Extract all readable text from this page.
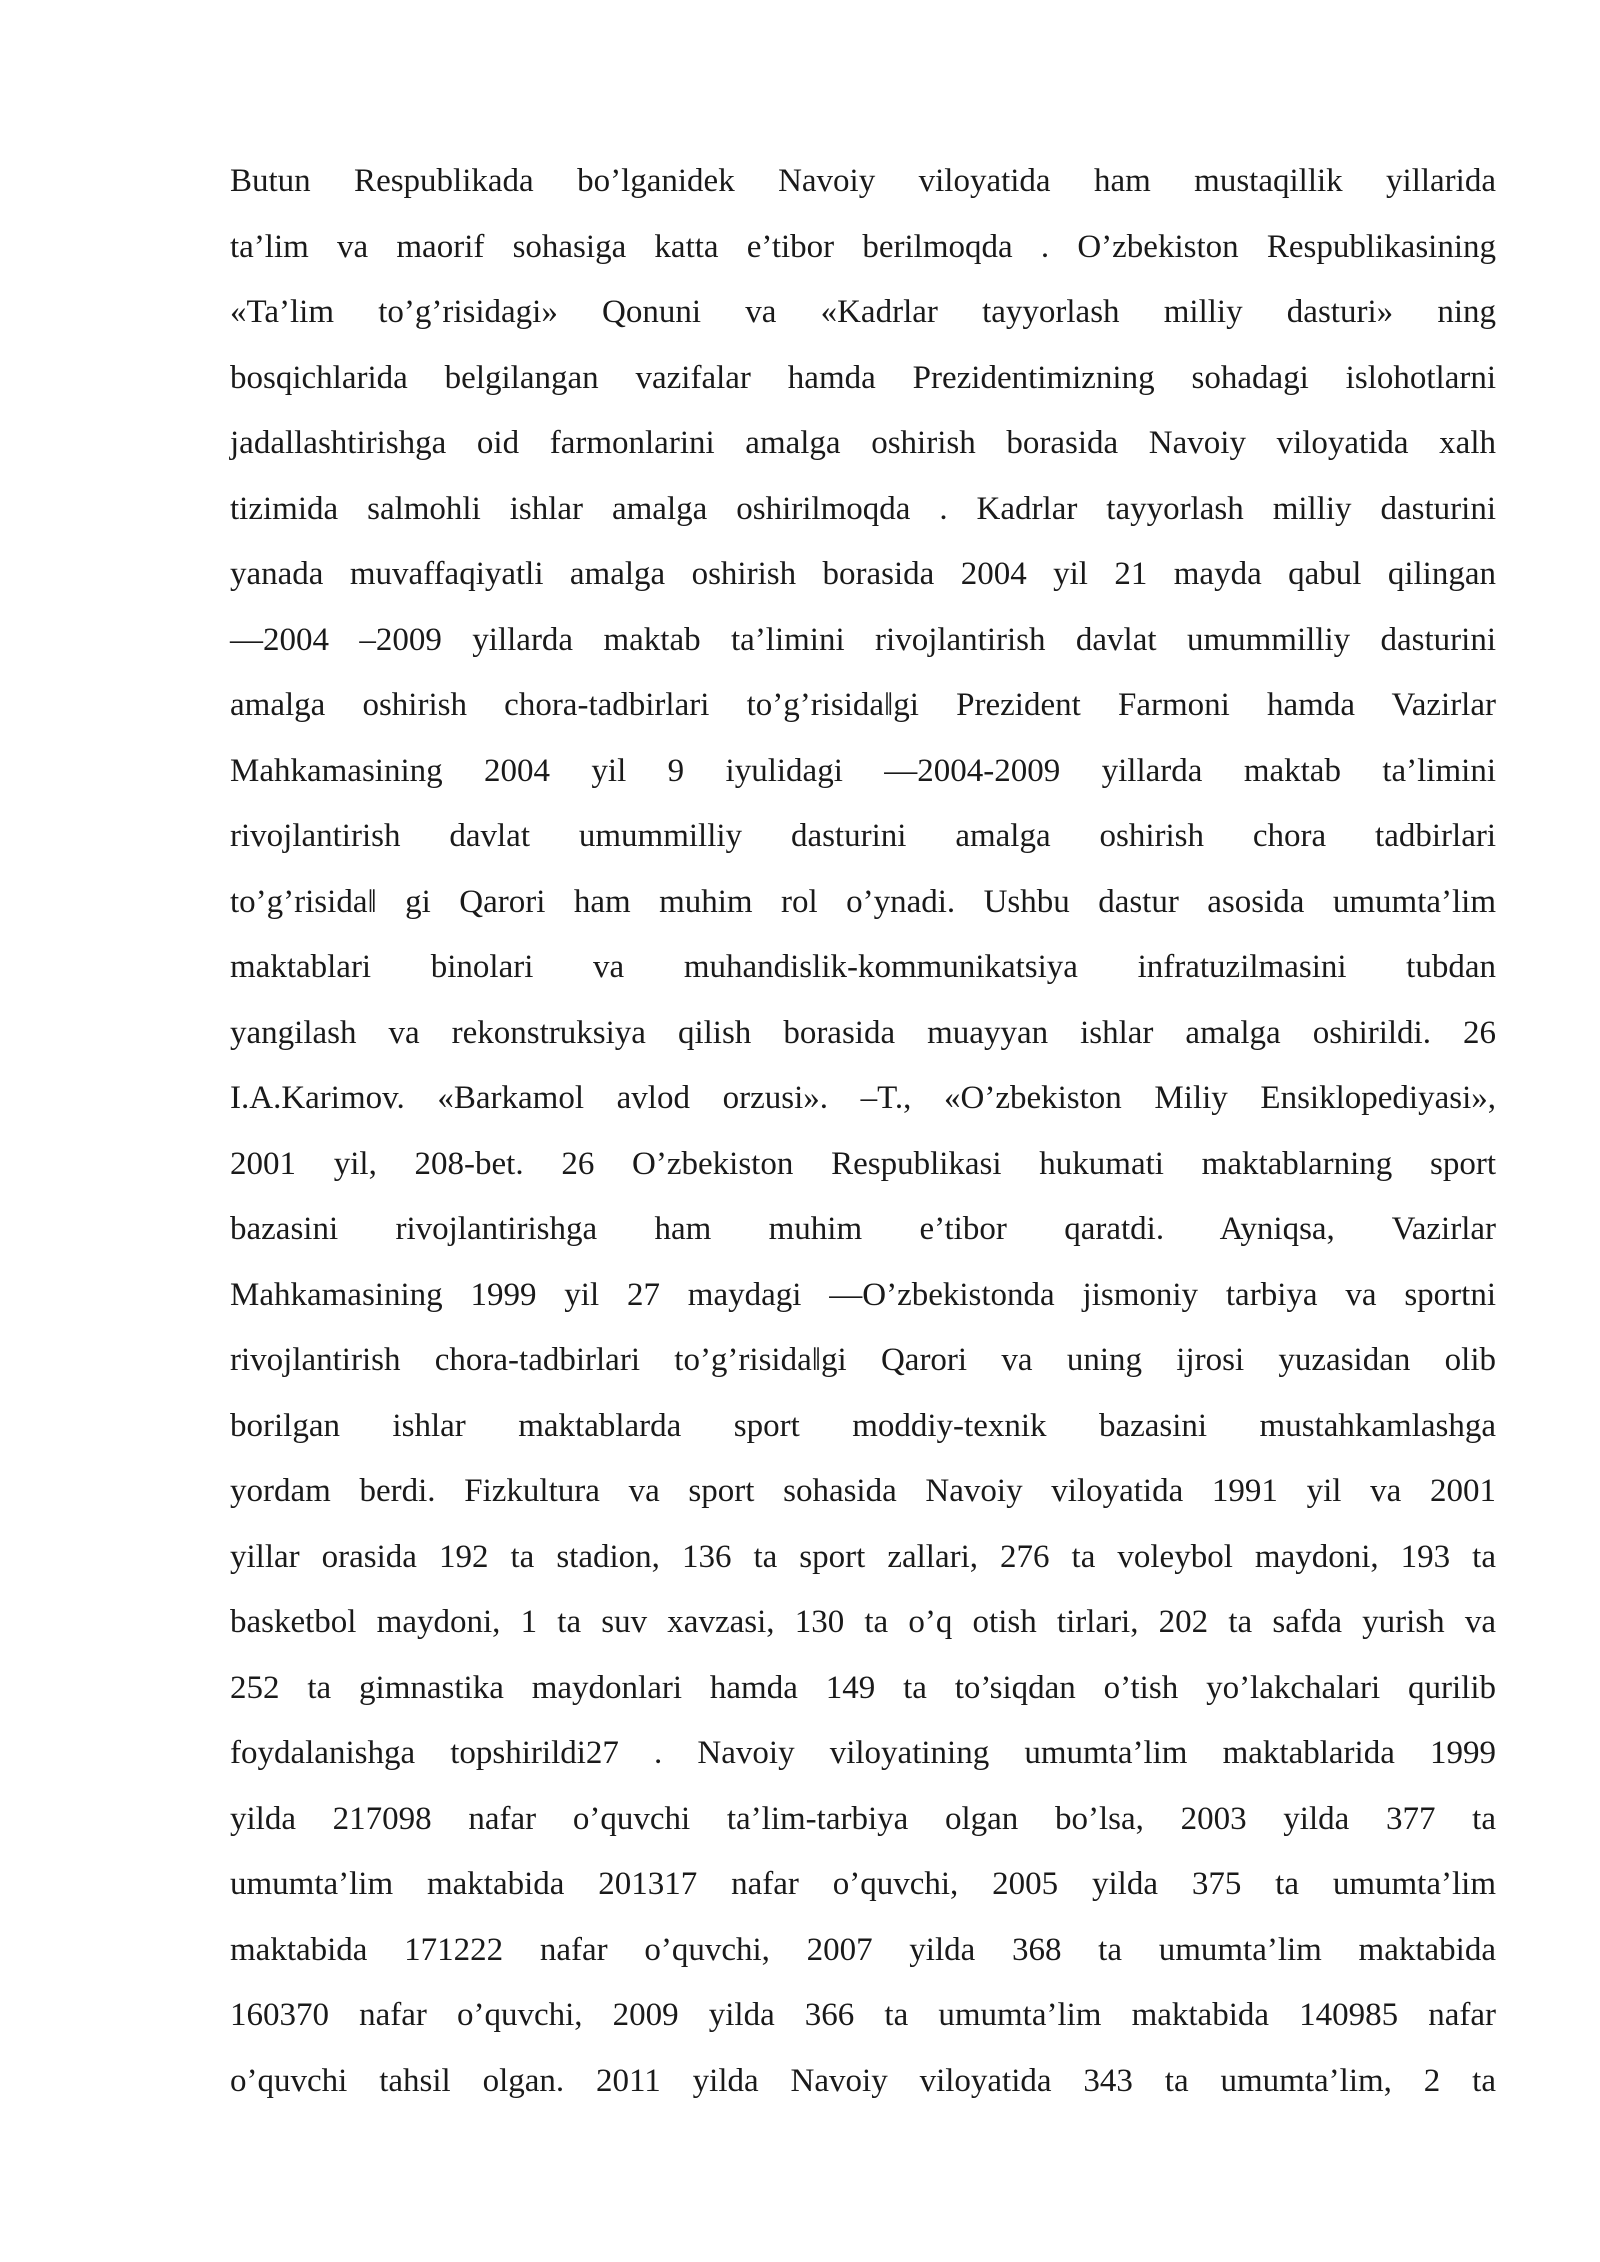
Butun Respublikada bo’lganidek Navoiy viloyatida ham mustaqillik yillarida
ta’lim va maorif sohasiga katta e’tibor berilmoqda . O’zbekiston Respublikasining
«Ta’lim to’g’risidagi» Qonuni va «Kadrlar tayyorlash milliy dasturi» ning
bosqichlarida belgilangan vazifalar hamda Prezidentimizning sohadagi islohotlarni
jadallashtirishga oid farmonlarini amalga oshirish borasida Navoiy viloyatida xalh
tizimida salmohli ishlar amalga oshirilmoqda . Kadrlar tayyorlash milliy dasturini
yanada muvaffaqiyatli amalga oshirish borasida 2004 yil 21 mayda qabul qilingan
—2004 –2009 yillarda maktab ta’limini rivojlantirish davlat umummilliy dasturini
amalga oshirish chora-tadbirlari to’g’risida‖gi Prezident Farmoni hamda Vazirlar
Mahkamasining 2004 yil 9 iyulidagi —2004-2009 yillarda maktab ta’limini
rivojlantirish davlat umummilliy dasturini amalga oshirish chora tadbirlari
to’g’risida‖ gi Qarori ham muhim rol o’ynadi. Ushbu dastur asosida umumta’lim
maktablari binolari va muhandislik-kommunikatsiya infratuzilmasini tubdan
yangilash va rekonstruksiya qilish borasida muayyan ishlar amalga oshirildi. 26
I.A.Karimov. «Barkamol avlod orzusi». –T., «O’zbekiston Miliy Ensiklopediyasi»,
2001 yil, 208-bet. 26 O’zbekiston Respublikasi hukumati maktablarning sport
bazasini rivojlantirishga ham muhim e’tibor qaratdi. Ayniqsa, Vazirlar
Mahkamasining 1999 yil 27 maydagi —O’zbekistonda jismoniy tarbiya va sportni
rivojlantirish chora-tadbirlari to’g’risida‖gi Qarori va uning ijrosi yuzasidan olib
borilgan ishlar maktablarda sport moddiy-texnik bazasini mustahkamlashga
yordam berdi. Fizkultura va sport sohasida Navoiy viloyatida 1991 yil va 2001
yillar orasida 192 ta stadion, 136 ta sport zallari, 276 ta voleybol maydoni, 193 ta
basketbol maydoni, 1 ta suv xavzasi, 130 ta o’q otish tirlari, 202 ta safda yurish va
252 ta gimnastika maydonlari hamda 149 ta to’siqdan o’tish yo’lakchalari qurilib
foydalanishga topshirildi27 . Navoiy viloyatining umumta’lim maktablarida 1999
yilda 217098 nafar o’quvchi ta’lim-tarbiya olgan bo’lsa, 2003 yilda 377 ta
umumta’lim maktabida 201317 nafar o’quvchi, 2005 yilda 375 ta umumta’lim
maktabida 171222 nafar o’quvchi, 2007 yilda 368 ta umumta’lim maktabida
160370 nafar o’quvchi, 2009 yilda 366 ta umumta’lim maktabida 140985 nafar
o’quvchi tahsil olgan. 2011 yilda Navoiy viloyatida 343 ta umumta’lim, 2 ta
